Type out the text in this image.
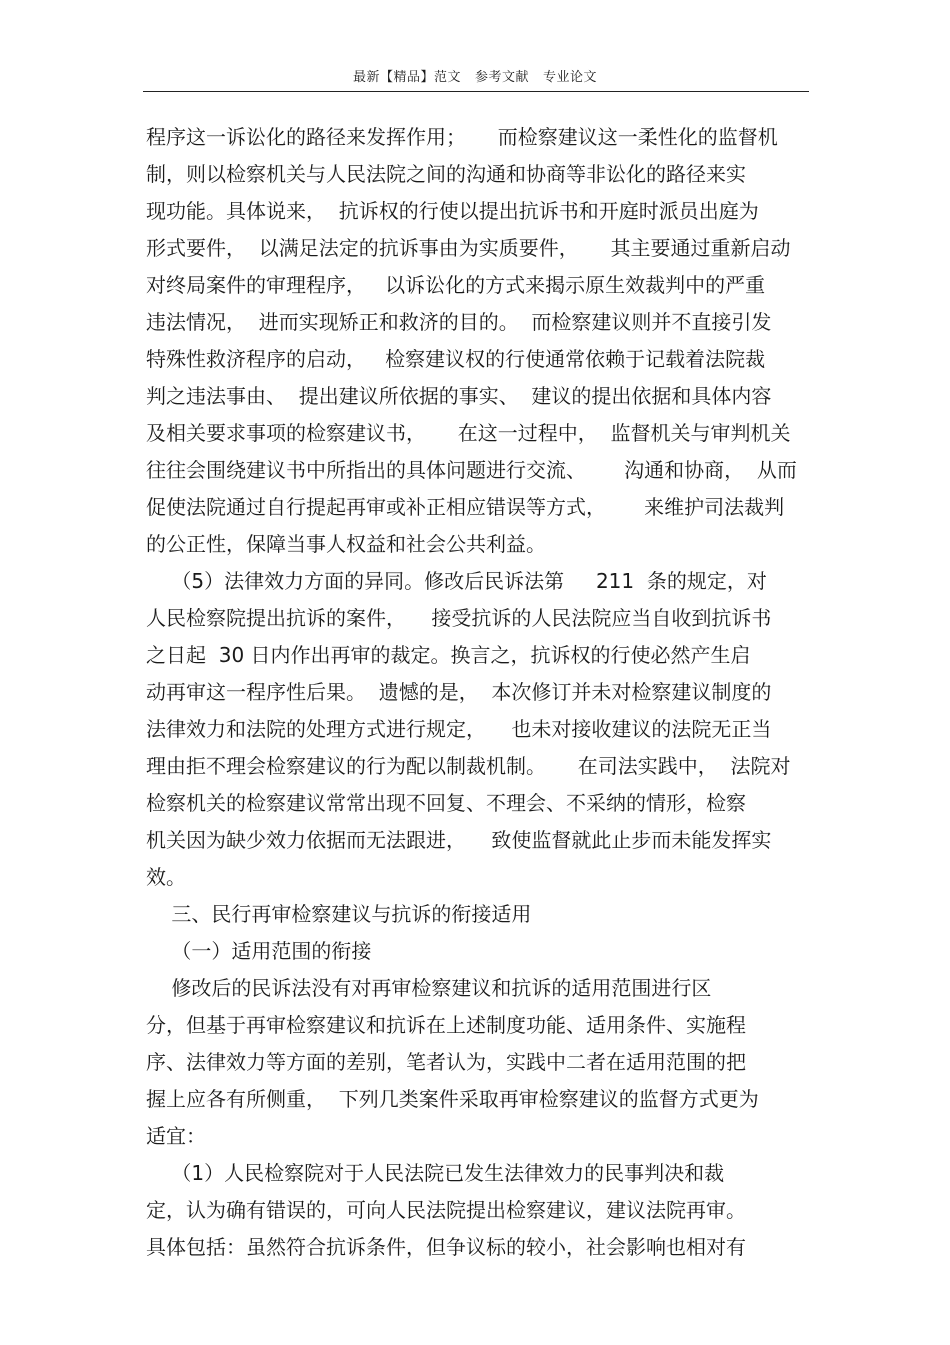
最新【精品】范文 参考文献 专业论文
程序这一诉讼化的路径来发挥作用；     而检察建议这一柔性化的监督机
制，则以检察机关与人民法院之间的沟通和协商等非讼化的路径来实
现功能。具体说来，  抗诉权的行使以提出抗诉书和开庭时派员出庭为
形式要件，  以满足法定的抗诉事由为实质要件，     其主要通过重新启动
对终局案件的审理程序，   以诉讼化的方式来揭示原生效裁判中的严重
违法情况，  进而实现矫正和救济的目的。  而检察建议则并不直接引发
特殊性救济程序的启动，   检察建议权的行使通常依赖于记载着法院裁
判之违法事由、  提出建议所依据的事实、  建议的提出依据和具体内容
及相关要求事项的检察建议书，     在这一过程中，  监督机关与审判机关
往往会围绕建议书中所指出的具体问题进行交流、      沟通和协商，  从而
促使法院通过自行提起再审或补正相应错误等方式，      来维护司法裁判
的公正性，保障当事人权益和社会公共利益。
（5）法律效力方面的异同。修改后民诉法第     211  条的规定，对
人民检察院提出抗诉的案件，    接受抗诉的人民法院应当自收到抗诉书
之日起  30 日内作出再审的裁定。换言之，抗诉权的行使必然产生启
动再审这一程序性后果。  遗憾的是，  本次修订并未对检察建议制度的
法律效力和法院的处理方式进行规定，    也未对接收建议的法院无正当
理由拒不理会检察建议的行为配以制裁机制。     在司法实践中，  法院对
检察机关的检察建议常常出现不回复、不理会、不采纳的情形，检察
机关因为缺少效力依据而无法跟进，    致使监督就此止步而未能发挥实
效。
三、民行再审检察建议与抗诉的衔接适用
（一）适用范围的衔接
修改后的民诉法没有对再审检察建议和抗诉的适用范围进行区
分，但基于再审检察建议和抗诉在上述制度功能、适用条件、实施程
序、法律效力等方面的差别，笔者认为，实践中二者在适用范围的把
握上应各有所侧重，  下列几类案件采取再审检察建议的监督方式更为
适宜：
（1）人民检察院对于人民法院已发生法律效力的民事判决和裁
定，认为确有错误的，可向人民法院提出检察建议，建议法院再审。
具体包括：虽然符合抗诉条件，但争议标的较小，社会影响也相对有
